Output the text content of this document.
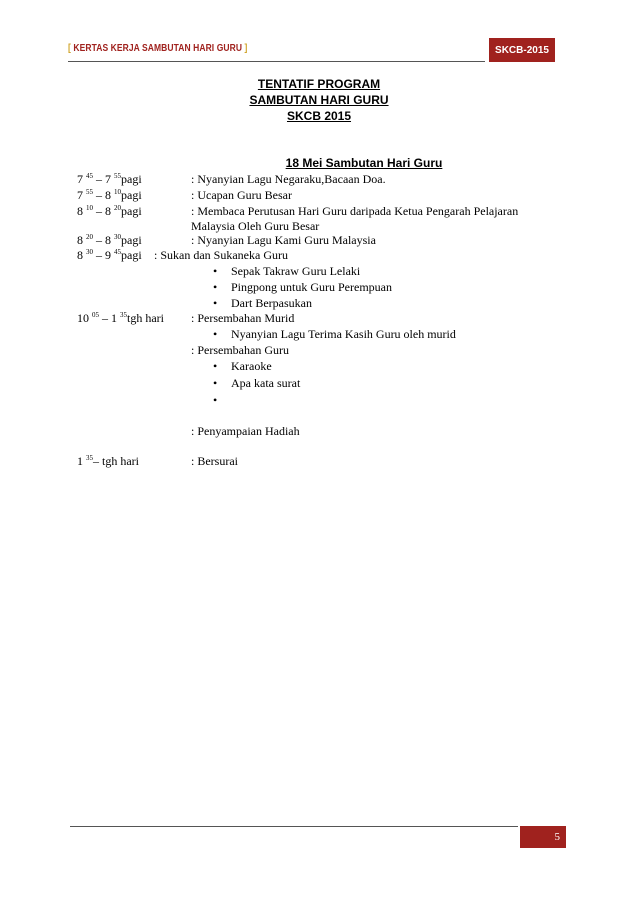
[ KERTAS KERJA SAMBUTAN HARI GURU ]	SKCB-2015
TENTATIF PROGRAM
SAMBUTAN HARI GURU
SKCB 2015
18 Mei Sambutan Hari Guru
7 $^{45}$ – 7 $^{55}$pagi	: Nyanyian Lagu Negaraku,Bacaan Doa.
7 $^{55}$ – 8 $^{10}$pagi	: Ucapan Guru Besar
8 $^{10}$ – 8 $^{20}$pagi	: Membaca Perutusan Hari Guru daripada Ketua Pengarah Pelajaran
Malaysia Oleh Guru Besar
8 $^{20}$ – 8 $^{30}$pagi	: Nyanyian Lagu Kami Guru Malaysia
8 $^{30}$ – 9 $^{45}$pagi : Sukan dan Sukaneka Guru
Sepak Takraw Guru Lelaki
Pingpong untuk Guru Perempuan
Dart Berpasukan
10 $^{05}$ – 1 $^{35}$tgh hari : Persembahan Murid
Nyanyian Lagu Terima Kasih Guru oleh murid
: Persembahan Guru
Karaoke
Apa kata surat
: Penyampaian Hadiah
1 $^{35}$– tgh hari	: Bersurai
5
